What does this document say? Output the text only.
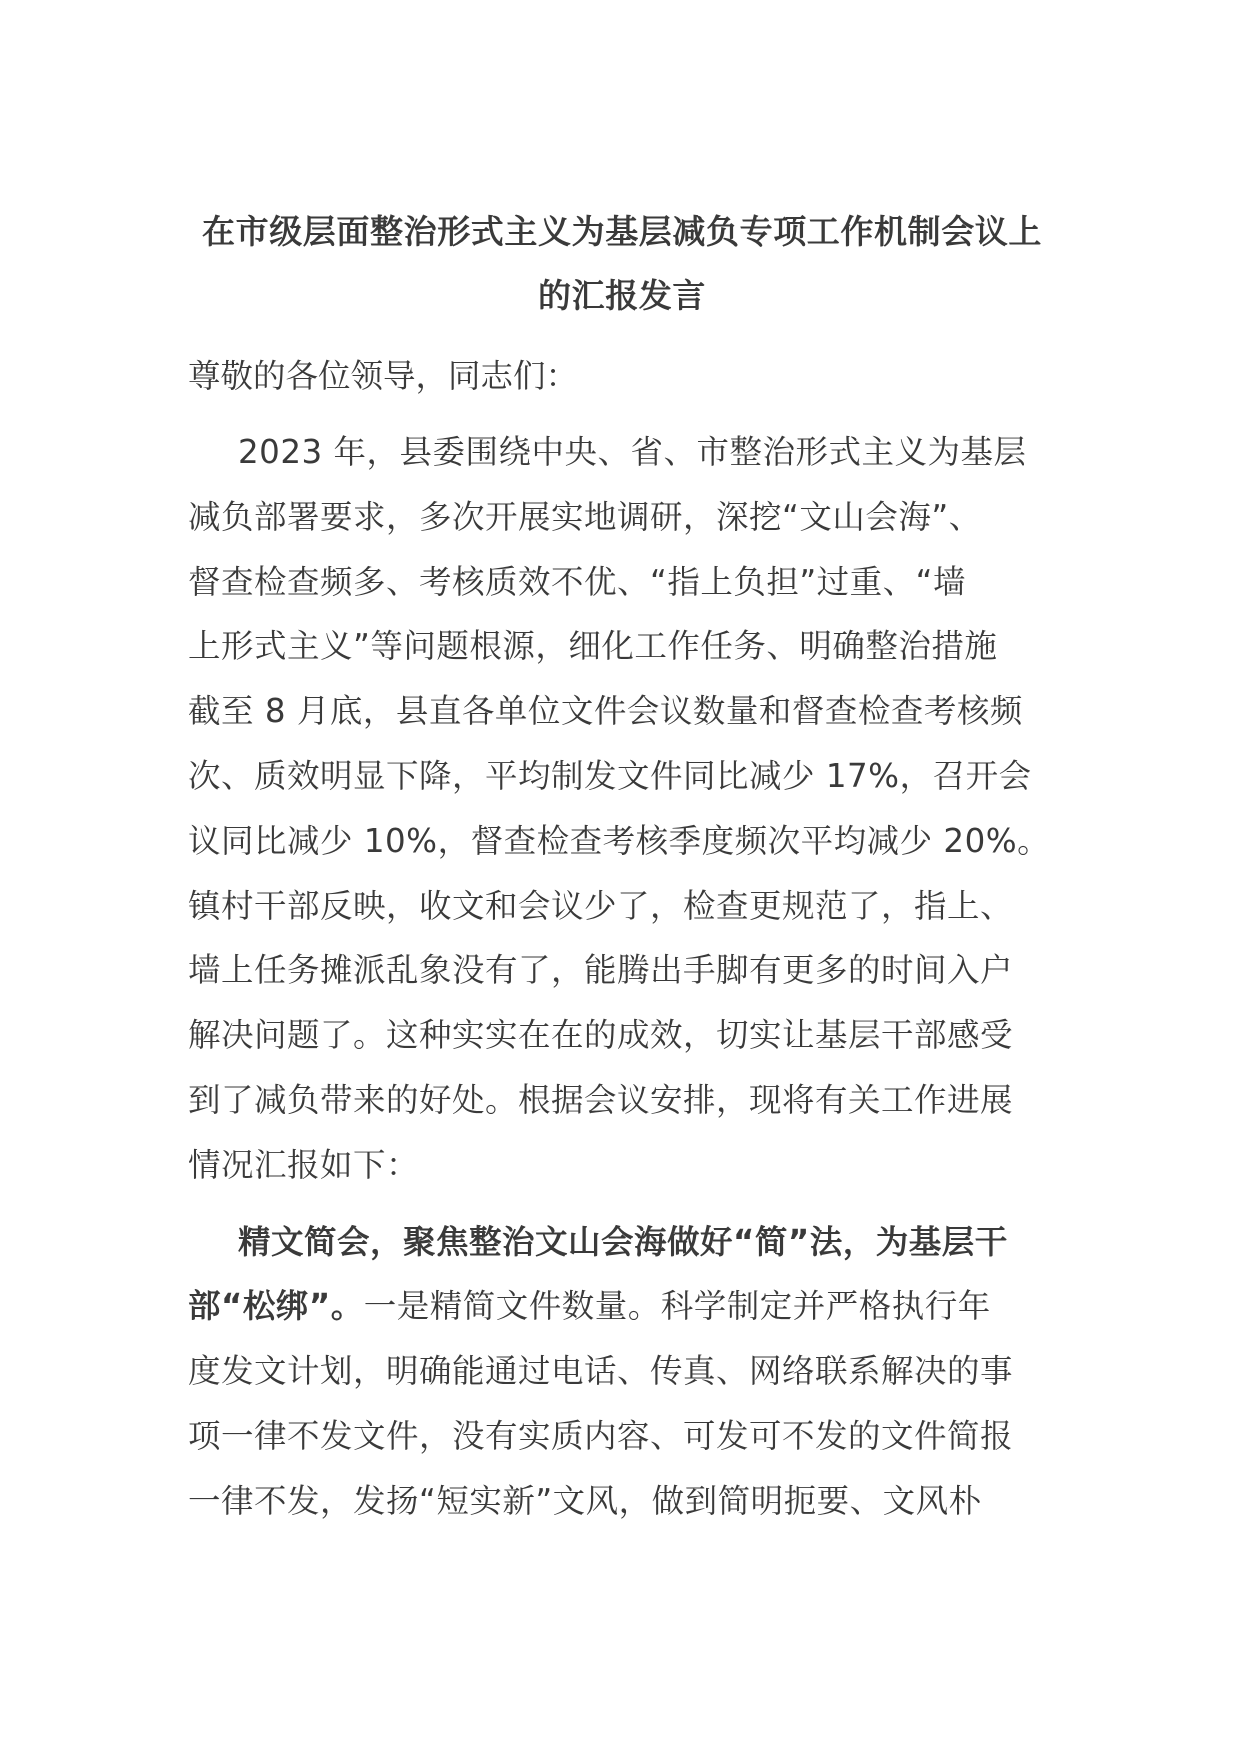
在市级层面整治形式主义为基层减负专项工作机制会议上
的汇报发言
尊敬的各位领导，同志们：
2023 年，县委围绕中央、省、市整治形式主义为基层
减负部署要求，多次开展实地调研，深挖“文山会海”、
督查检查频多、考核质效不优、“指上负担”过重、“墙
上形式主义”等问题根源，细化工作任务、明确整治措施
截至 8 月底，县直各单位文件会议数量和督查检查考核频
次、质效明显下降，平均制发文件同比减少 17%，召开会
议同比减少 10%，督查检查考核季度频次平均减少 20%。
镇村干部反映，收文和会议少了，检查更规范了，指上、
墙上任务摊派乱象没有了，能腾出手脚有更多的时间入户
解决问题了。这种实实在在的成效，切实让基层干部感受
到了减负带来的好处。根据会议安排，现将有关工作进展
情况汇报如下：
精文简会，聚焦整治文山会海做好“简”法，为基层干
部“松绑”。一是精简文件数量。科学制定并严格执行年
度发文计划，明确能通过电话、传真、网络联系解决的事
项一律不发文件，没有实质内容、可发可不发的文件简报
一律不发，发扬“短实新”文风，做到简明扼要、文风朴
